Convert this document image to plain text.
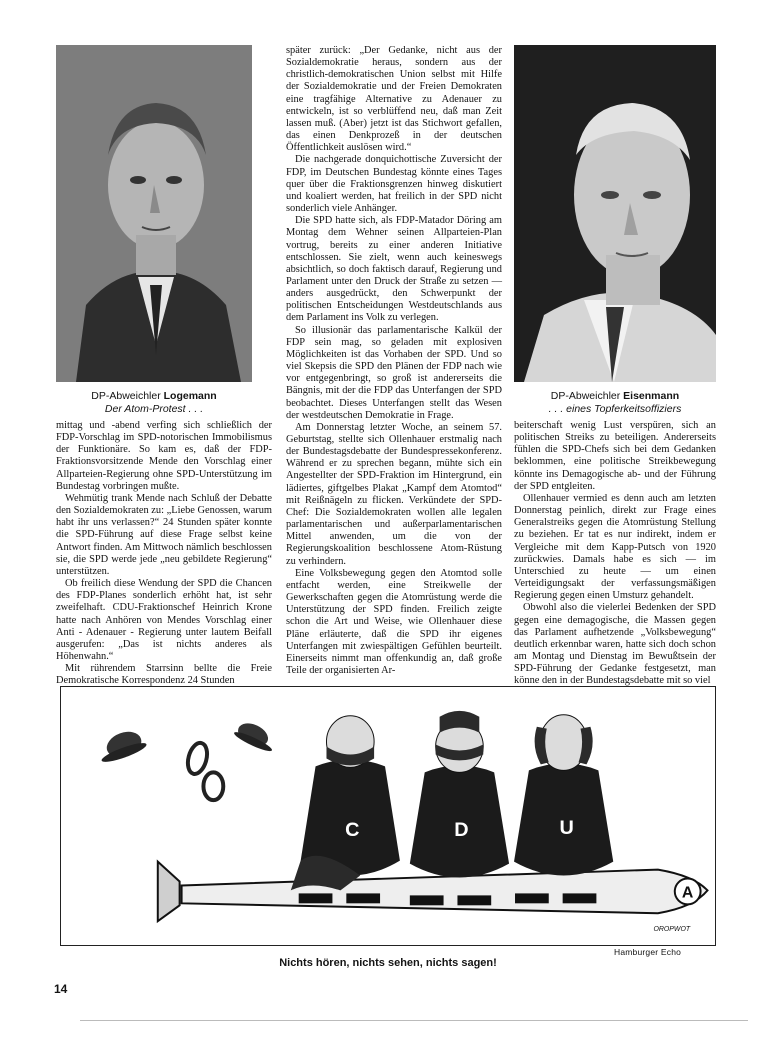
DP-Abweichler Logemann
Der Atom-Protest . . .
DP-Abweichler Eisenmann
. . . eines Topferkeitsoffiziers

mittag und -abend verfing sich schließlich der FDP-Vorschlag im SPD-notorischen Immobilismus der Funktionäre. So kam es, daß der FDP-Fraktionsvorsitzende Mende den Vorschlag einer Allparteien-Regierung ohne SPD-Unterstützung im Bundestag vorbringen mußte.

Wehmütig trank Mende nach Schluß der Debatte den Sozialdemokraten zu: „Liebe Genossen, warum habt ihr uns verlassen?“ 24 Stunden später konnte die SPD-Führung auf diese Frage selbst keine Antwort finden. Am Mittwoch nämlich beschlossen sie, die SPD werde jede „neu gebildete Regierung“ unterstützen.

Ob freilich diese Wendung der SPD die Chancen des FDP-Planes sonderlich erhöht hat, ist sehr zweifelhaft. CDU-Fraktionschef Heinrich Krone hatte nach Anhören von Mendes Vorschlag einer Anti - Adenauer - Regierung unter lautem Beifall ausgerufen: „Das ist nichts anderes als Höhenwahn.“

Mit rührendem Starrsinn bellte die Freie Demokratische Korrespondenz 24 Stunden

später zurück: „Der Gedanke, nicht aus der Sozialdemokratie heraus, sondern aus der christlich-demokratischen Union selbst mit Hilfe der Sozialdemokratie und der Freien Demokraten eine tragfähige Alternative zu Adenauer zu entwickeln, ist so verblüffend neu, daß man Zeit lassen muß. (Aber) jetzt ist das Stichwort gefallen, das einen Denkprozeß in der deutschen Öffentlichkeit auslösen wird.“

Die nachgerade donquichottische Zuversicht der FDP, im Deutschen Bundestag könnte eines Tages quer über die Fraktionsgrenzen hinweg diskutiert und koaliert werden, hat freilich in der SPD nicht sonderlich viele Anhänger.

Die SPD hatte sich, als FDP-Matador Döring am Montag dem Wehner seinen Allparteien-Plan vortrug, bereits zu einer anderen Initiative entschlossen. Sie zielt, wenn auch keineswegs absichtlich, so doch faktisch darauf, Regierung und Parlament unter den Druck der Straße zu setzen — anders ausgedrückt, den Schwerpunkt der politischen Entscheidungen Westdeutschlands aus dem Parlament ins Volk zu verlegen.

So illusionär das parlamentarische Kalkül der FDP sein mag, so geladen mit explosiven Möglichkeiten ist das Vorhaben der SPD. Und so viel Skepsis die SPD den Plänen der FDP nach wie vor entgegenbringt, so groß ist andererseits die Bängnis, mit der die FDP das Unterfangen der SPD beobachtet. Dieses Unterfangen stellt das Wesen der westdeutschen Demokratie in Frage.

Am Donnerstag letzter Woche, an seinem 57. Geburtstag, stellte sich Ollenhauer erstmalig nach der Bundestagsdebatte der Bundespressekonferenz. Während er zu sprechen begann, mühte sich ein Angestellter der SPD-Fraktion im Hintergrund, ein lädiertes, giftgelbes Plakat „Kampf dem Atomtod“ mit Reißnägeln zu flicken. Verkündete der SPD-Chef: Die Sozialdemokraten wollen alle legalen parlamentarischen und außerparlamentarischen Mittel anwenden, um die von der Regierungskoalition beschlossene Atom-Rüstung zu verhindern.

Eine Volksbewegung gegen den Atomtod solle entfacht werden, eine Streikwelle der Gewerkschaften gegen die Atomrüstung werde die Unterstützung der SPD finden. Freilich zeigte schon die Art und Weise, wie Ollenhauer diese Pläne erläuterte, daß die SPD ihr eigenes Unterfangen mit zwiespältigen Gefühlen beurteilt. Einerseits nimmt man offenkundig an, daß große Teile der organisierten Ar-

beiterschaft wenig Lust verspüren, sich an politischen Streiks zu beteiligen. Andererseits fühlen die SPD-Chefs sich bei dem Gedanken beklommen, eine politische Streikbewegung könnte ins Demagogische ab- und der Führung der SPD entgleiten.

Ollenhauer vermied es denn auch am letzten Donnerstag peinlich, direkt zur Frage eines Generalstreiks gegen die Atomrüstung Stellung zu beziehen. Er tat es nur indirekt, indem er Vergleiche mit dem Kapp-Putsch von 1920 zurückwies. Damals habe es sich — im Unterschied zu heute — um einen Verteidigungsakt der verfassungsmäßigen Regierung gegen einen Umsturz gehandelt.

Obwohl also die vielerlei Bedenken der SPD gegen eine demagogische, die Massen gegen das Parlament aufhetzende „Volksbewegung“ deutlich erkennbar waren, hatte sich doch schon am Montag und Dienstag im Bewußtsein der SPD-Führung der Gedanke festgesetzt, man könne den in der Bundestagsdebatte mit so viel

A
C	D	U
OROPWOT
Hamburger Echo
Nichts hören, nichts sehen, nichts sagen!
14
